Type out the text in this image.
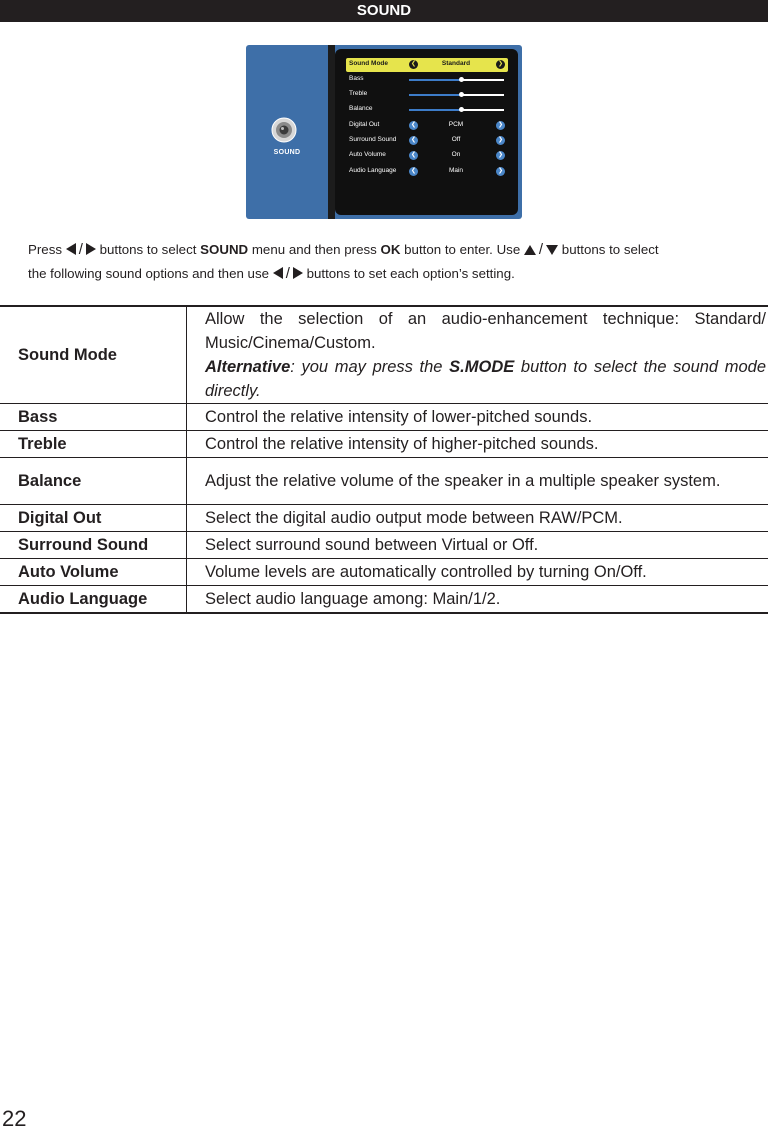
SOUND
SOUND
Sound Mode	❮	Standard	❯
Bass
Treble
Balance
Digital Out	❮	PCM	❯
Surround Sound	❮	Off	❯
Auto Volume	❮	On	❯
Audio Language	❮	Main	❯
Press / buttons to select SOUND menu and then press OK button to enter. Use / buttons to select
the following sound options and then use / buttons to set each option’s setting.
Sound Mode	Allow the selection of an audio-enhancement technique: Standard/ Music/Cinema/Custom.
Alternative: you may press the S.MODE button to select the sound mode directly.
Bass	Control the relative intensity of lower-pitched sounds.
Treble	Control the relative intensity of higher-pitched sounds.
Balance	Adjust the relative volume of the speaker in a multiple speaker system.
Digital Out	Select the digital audio output mode between RAW/PCM.
Surround Sound	Select surround sound between Virtual or Off.
Auto Volume	Volume levels are automatically controlled by turning On/Off.
Audio Language	Select audio language among: Main/1/2.
22
